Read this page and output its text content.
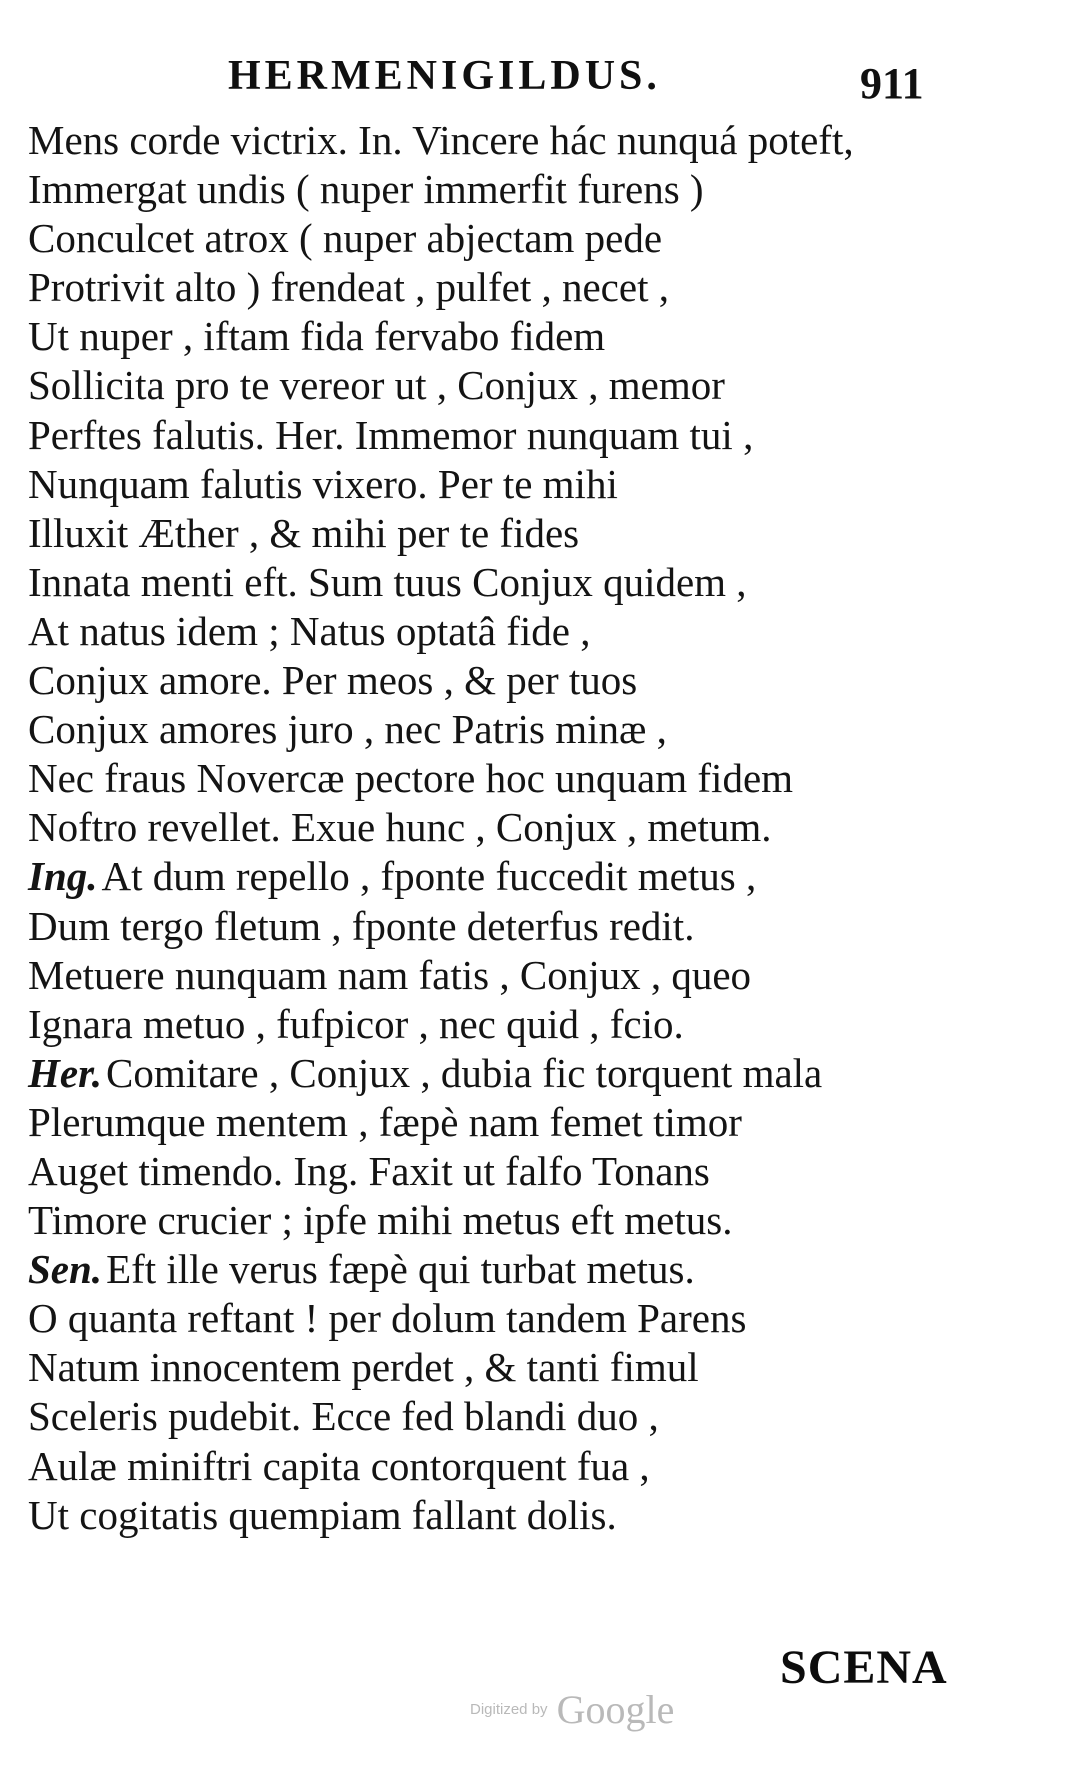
HERMENIGILDUS.	911
Mens corde victrix. In. Vincere hác nunquá poteft,
Immergat undis ( nuper immerfit furens )
Conculcet atrox ( nuper abjectam pede
Protrivit alto ) frendeat , pulfet , necet ,
Ut nuper , iftam fida fervabo fidem
Sollicita pro te vereor ut , Conjux , memor
Perftes falutis. Her. Immemor nunquam tui ,
Nunquam falutis vixero. Per te mihi
Illuxit Æther , & mihi per te fides
Innata menti eft. Sum tuus Conjux quidem ,
At natus idem ; Natus optatâ fide ,
Conjux amore. Per meos , & per tuos
Conjux amores juro , nec Patris minæ ,
Nec fraus Novercæ pectore hoc unquam fidem
Noftro revellet. Exue hunc , Conjux , metum.
Ing.At dum repello , fponte fuccedit metus ,
Dum tergo fletum , fponte deterfus redit.
Metuere nunquam nam fatis , Conjux , queo
Ignara metuo , fufpicor , nec quid , fcio.
Her.Comitare , Conjux , dubia fic torquent mala
Plerumque mentem , fæpè nam femet timor
Auget timendo. Ing. Faxit ut falfo Tonans
Timore crucier ; ipfe mihi metus eft metus.
Sen.Eft ille verus fæpè qui turbat metus.
O quanta reftant ! per dolum tandem Parens
Natum innocentem perdet , & tanti fimul
Sceleris pudebit. Ecce fed blandi duo ,
Aulæ miniftri capita contorquent fua ,
Ut cogitatis quempiam fallant dolis.
SCENA
Digitized by Google
